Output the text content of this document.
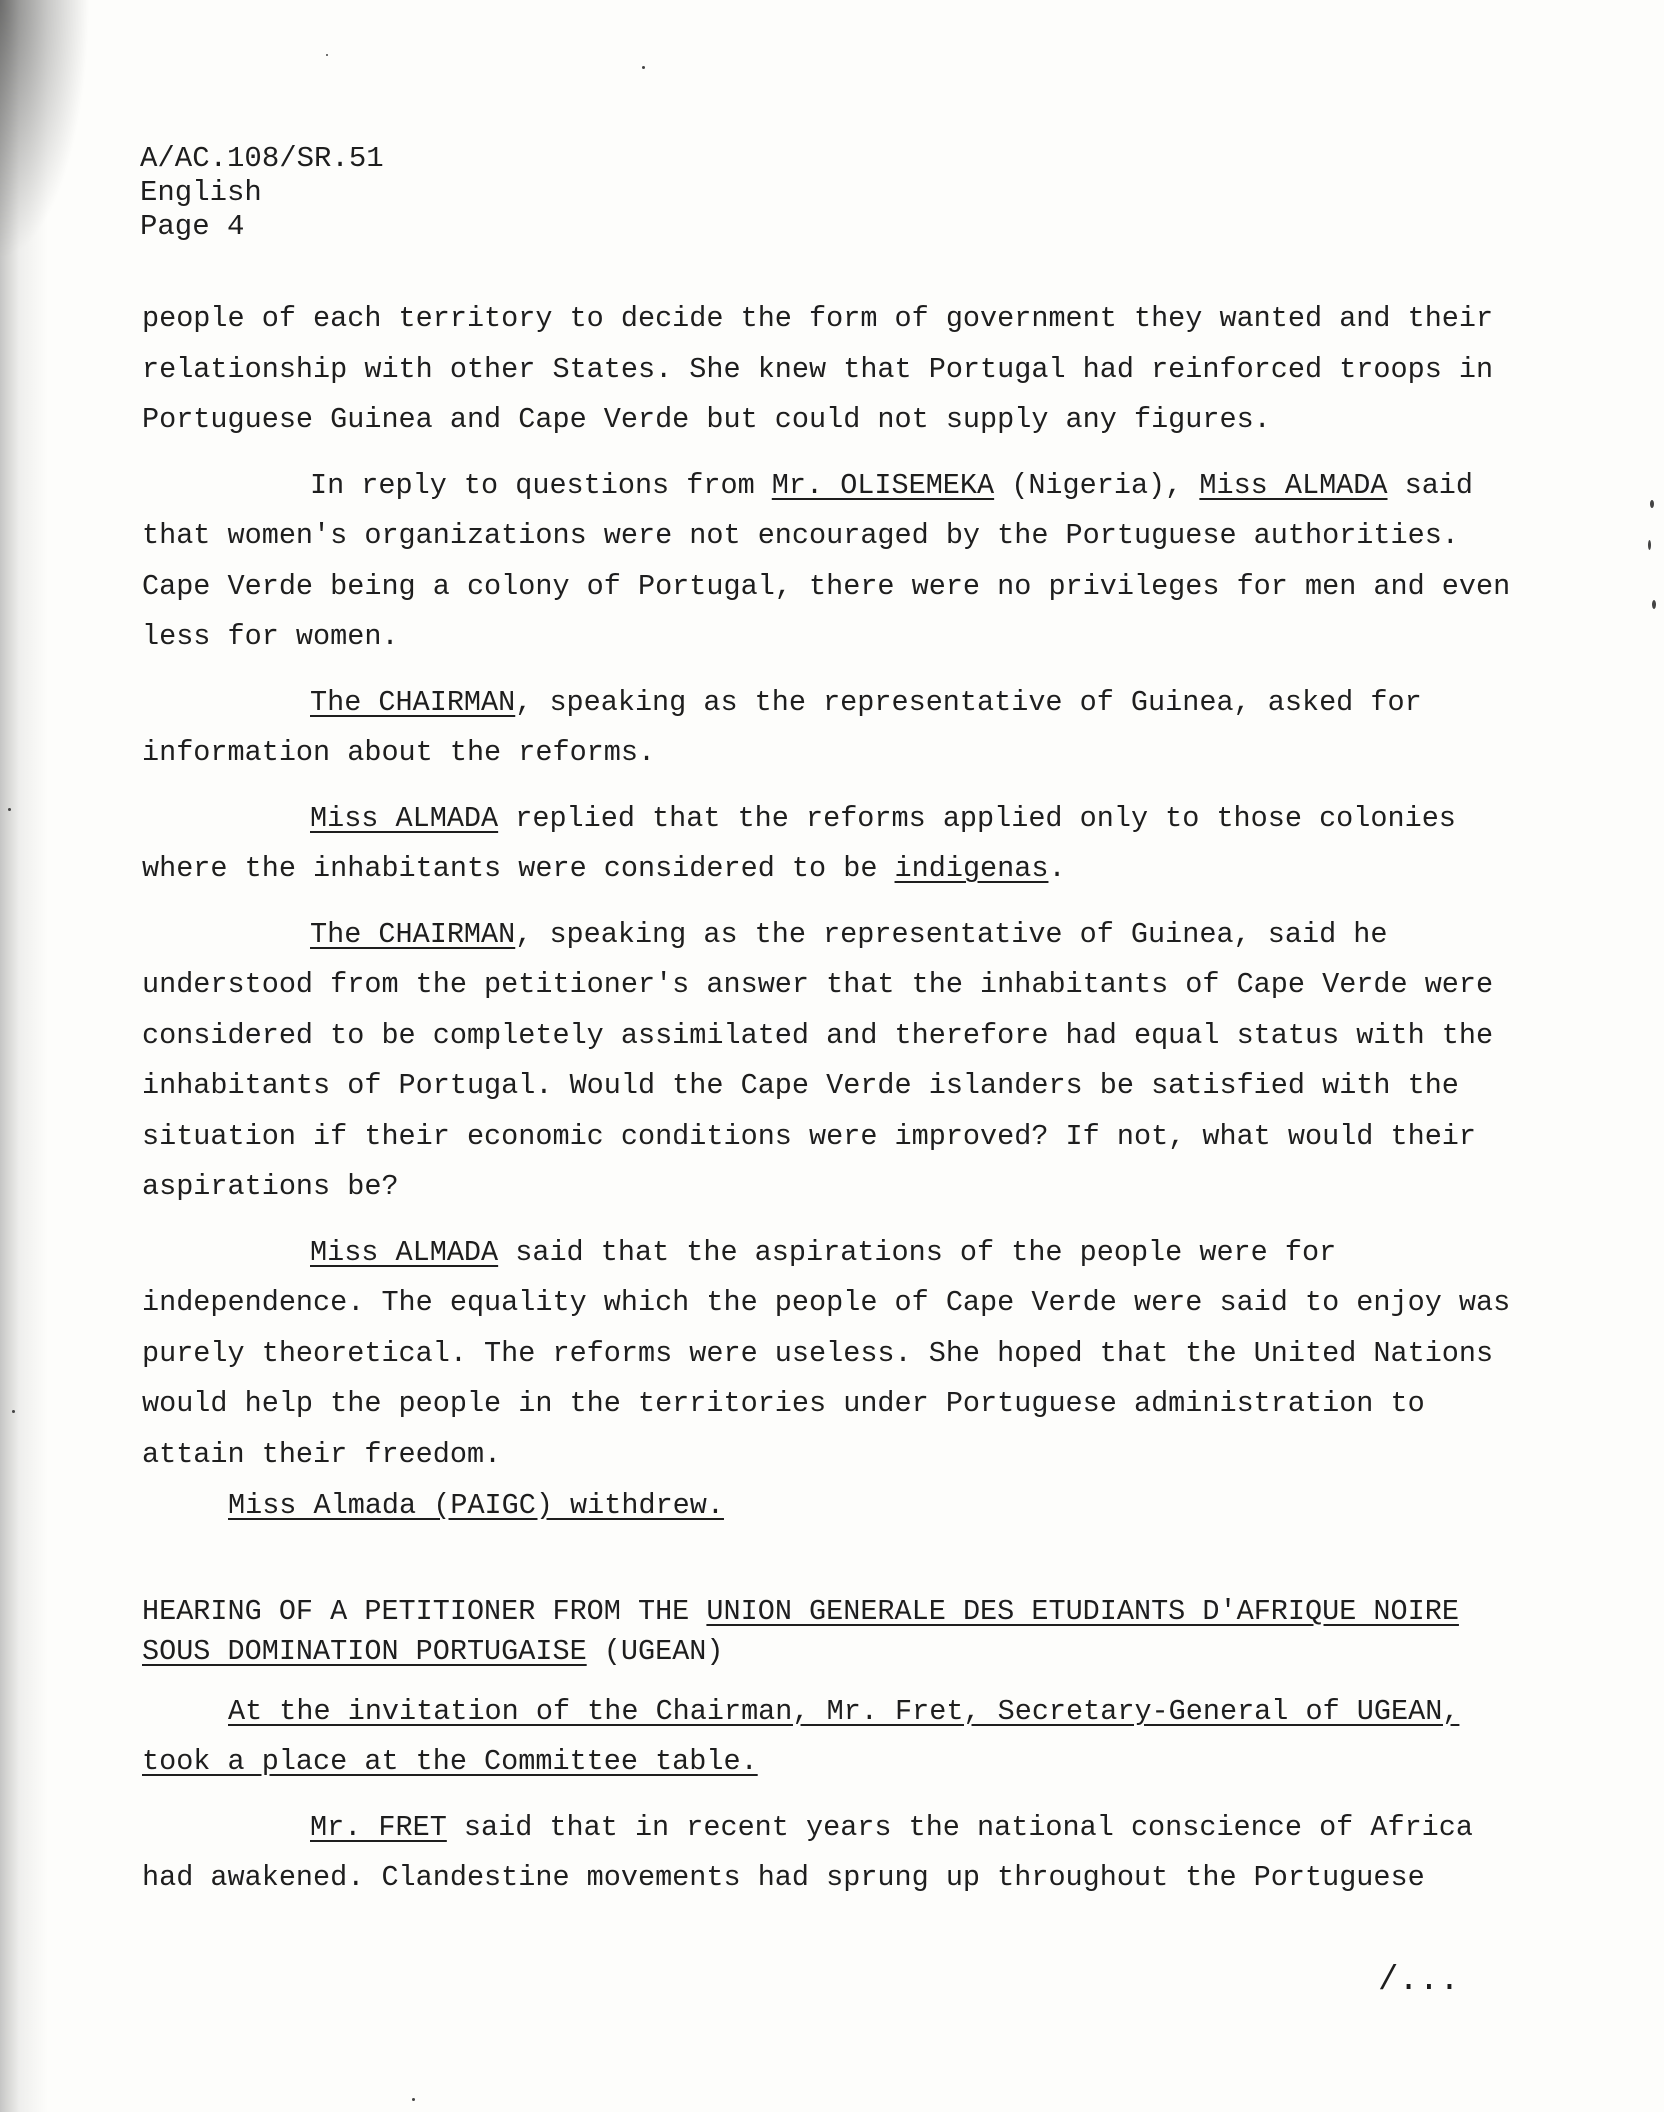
A/AC.108/SR.51
English
Page 4
people of each territory to decide the form of government they wanted and their
relationship with other States. She knew that Portugal had reinforced troops in
Portuguese Guinea and Cape Verde but could not supply any figures.
In reply to questions from Mr. OLISEMEKA (Nigeria), Miss ALMADA said
that women's organizations were not encouraged by the Portuguese authorities.
Cape Verde being a colony of Portugal, there were no privileges for men and even
less for women.
The CHAIRMAN, speaking as the representative of Guinea, asked for
information about the reforms.
Miss ALMADA replied that the reforms applied only to those colonies
where the inhabitants were considered to be indigenas.
The CHAIRMAN, speaking as the representative of Guinea, said he
understood from the petitioner's answer that the inhabitants of Cape Verde were
considered to be completely assimilated and therefore had equal status with the
inhabitants of Portugal. Would the Cape Verde islanders be satisfied with the
situation if their economic conditions were improved? If not, what would their
aspirations be?
Miss ALMADA said that the aspirations of the people were for
independence. The equality which the people of Cape Verde were said to enjoy was
purely theoretical. The reforms were useless. She hoped that the United Nations
would help the people in the territories under Portuguese administration to
attain their freedom.
Miss Almada (PAIGC) withdrew.
HEARING OF A PETITIONER FROM THE UNION GENERALE DES ETUDIANTS D'AFRIQUE NOIRE
SOUS DOMINATION PORTUGAISE (UGEAN)
At the invitation of the Chairman, Mr. Fret, Secretary-General of UGEAN,
took a place at the Committee table.
Mr. FRET said that in recent years the national conscience of Africa
had awakened. Clandestine movements had sprung up throughout the Portuguese
/...
